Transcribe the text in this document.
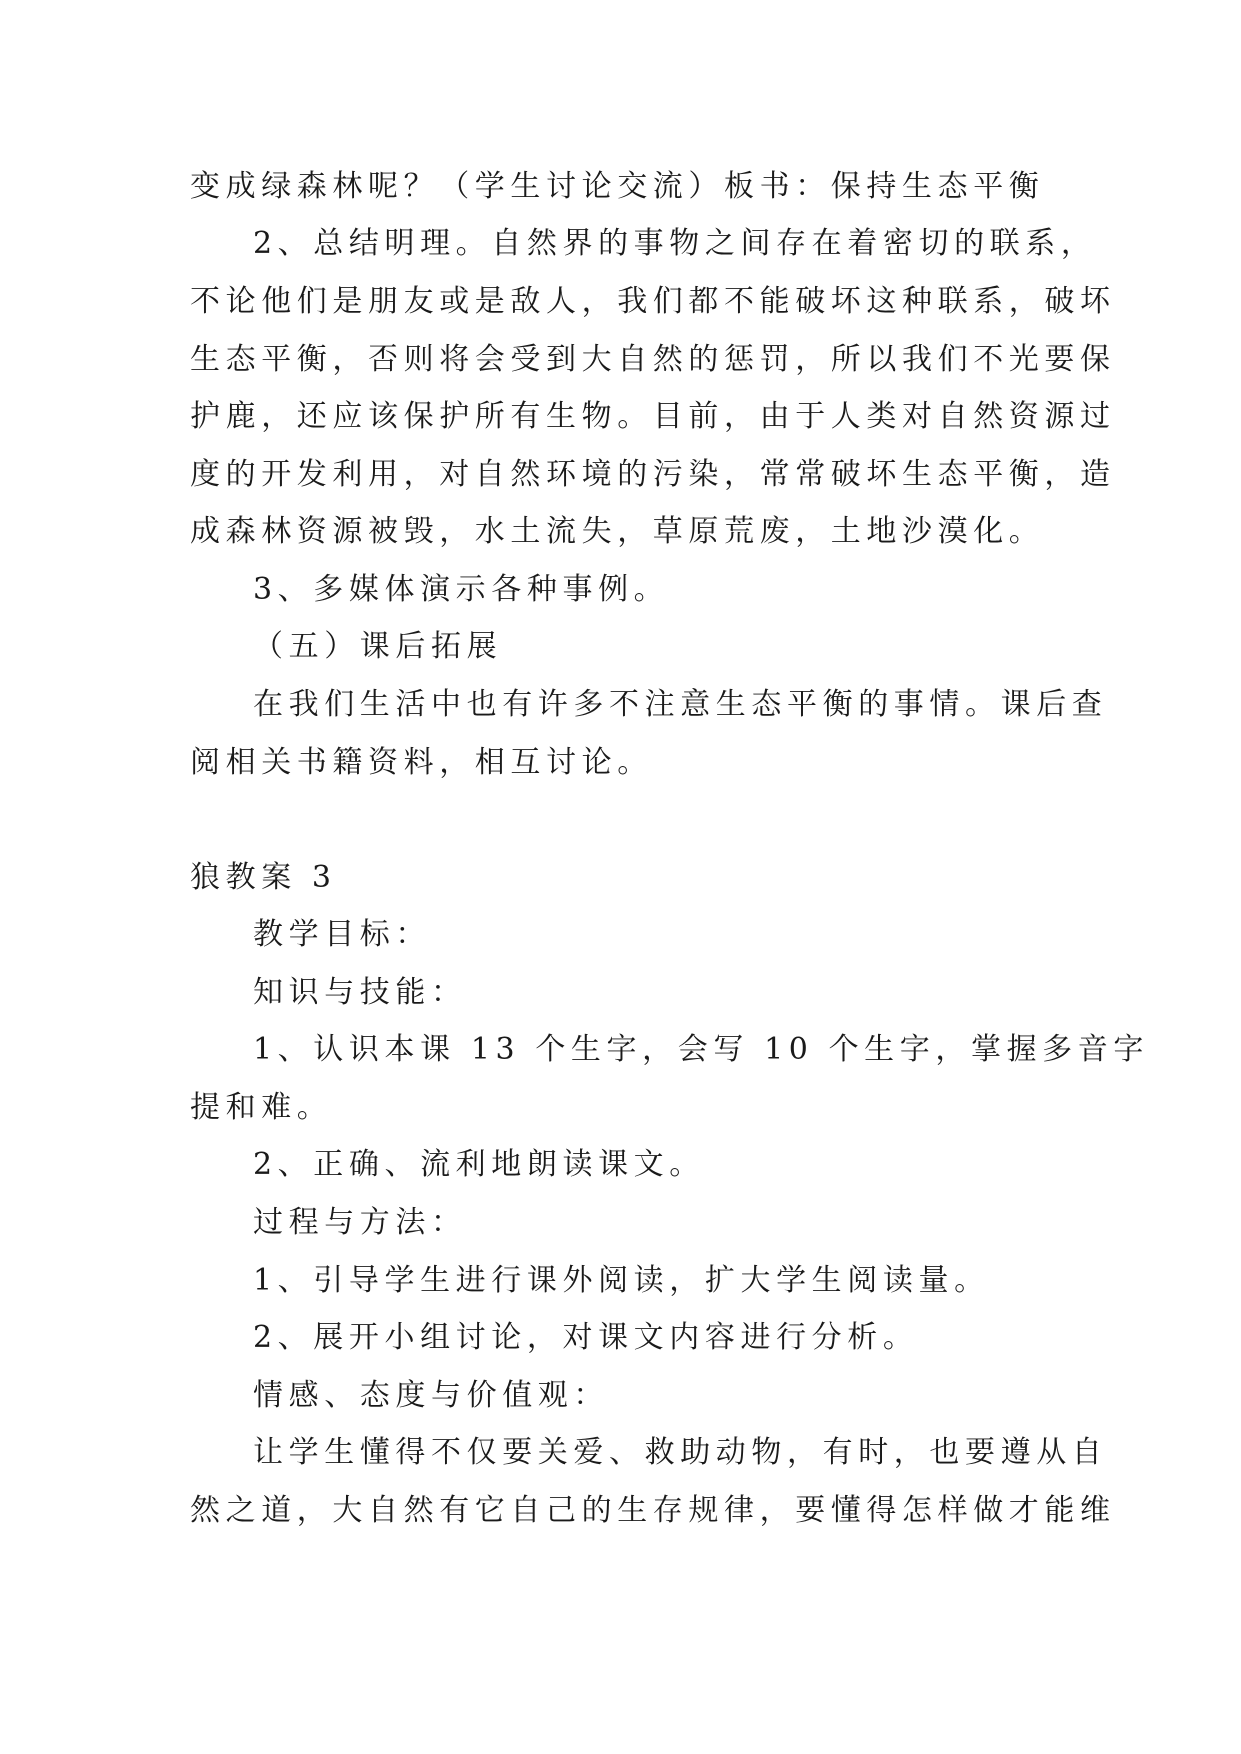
变成绿森林呢？（学生讨论交流）板书：保持生态平衡
2、总结明理。自然界的事物之间存在着密切的联系，
不论他们是朋友或是敌人，我们都不能破坏这种联系，破坏
生态平衡，否则将会受到大自然的惩罚，所以我们不光要保
护鹿，还应该保护所有生物。目前，由于人类对自然资源过
度的开发利用，对自然环境的污染，常常破坏生态平衡，造
成森林资源被毁，水土流失，草原荒废，土地沙漠化。
3、多媒体演示各种事例。
（五）课后拓展
在我们生活中也有许多不注意生态平衡的事情。课后查
阅相关书籍资料，相互讨论。
狼教案 3
教学目标：
知识与技能：
1、认识本课 13 个生字，会写 10 个生字，掌握多音字
提和难。
2、正确、流利地朗读课文。
过程与方法：
1、引导学生进行课外阅读，扩大学生阅读量。
2、展开小组讨论，对课文内容进行分析。
情感、态度与价值观：
让学生懂得不仅要关爱、救助动物，有时，也要遵从自
然之道，大自然有它自己的生存规律，要懂得怎样做才能维
